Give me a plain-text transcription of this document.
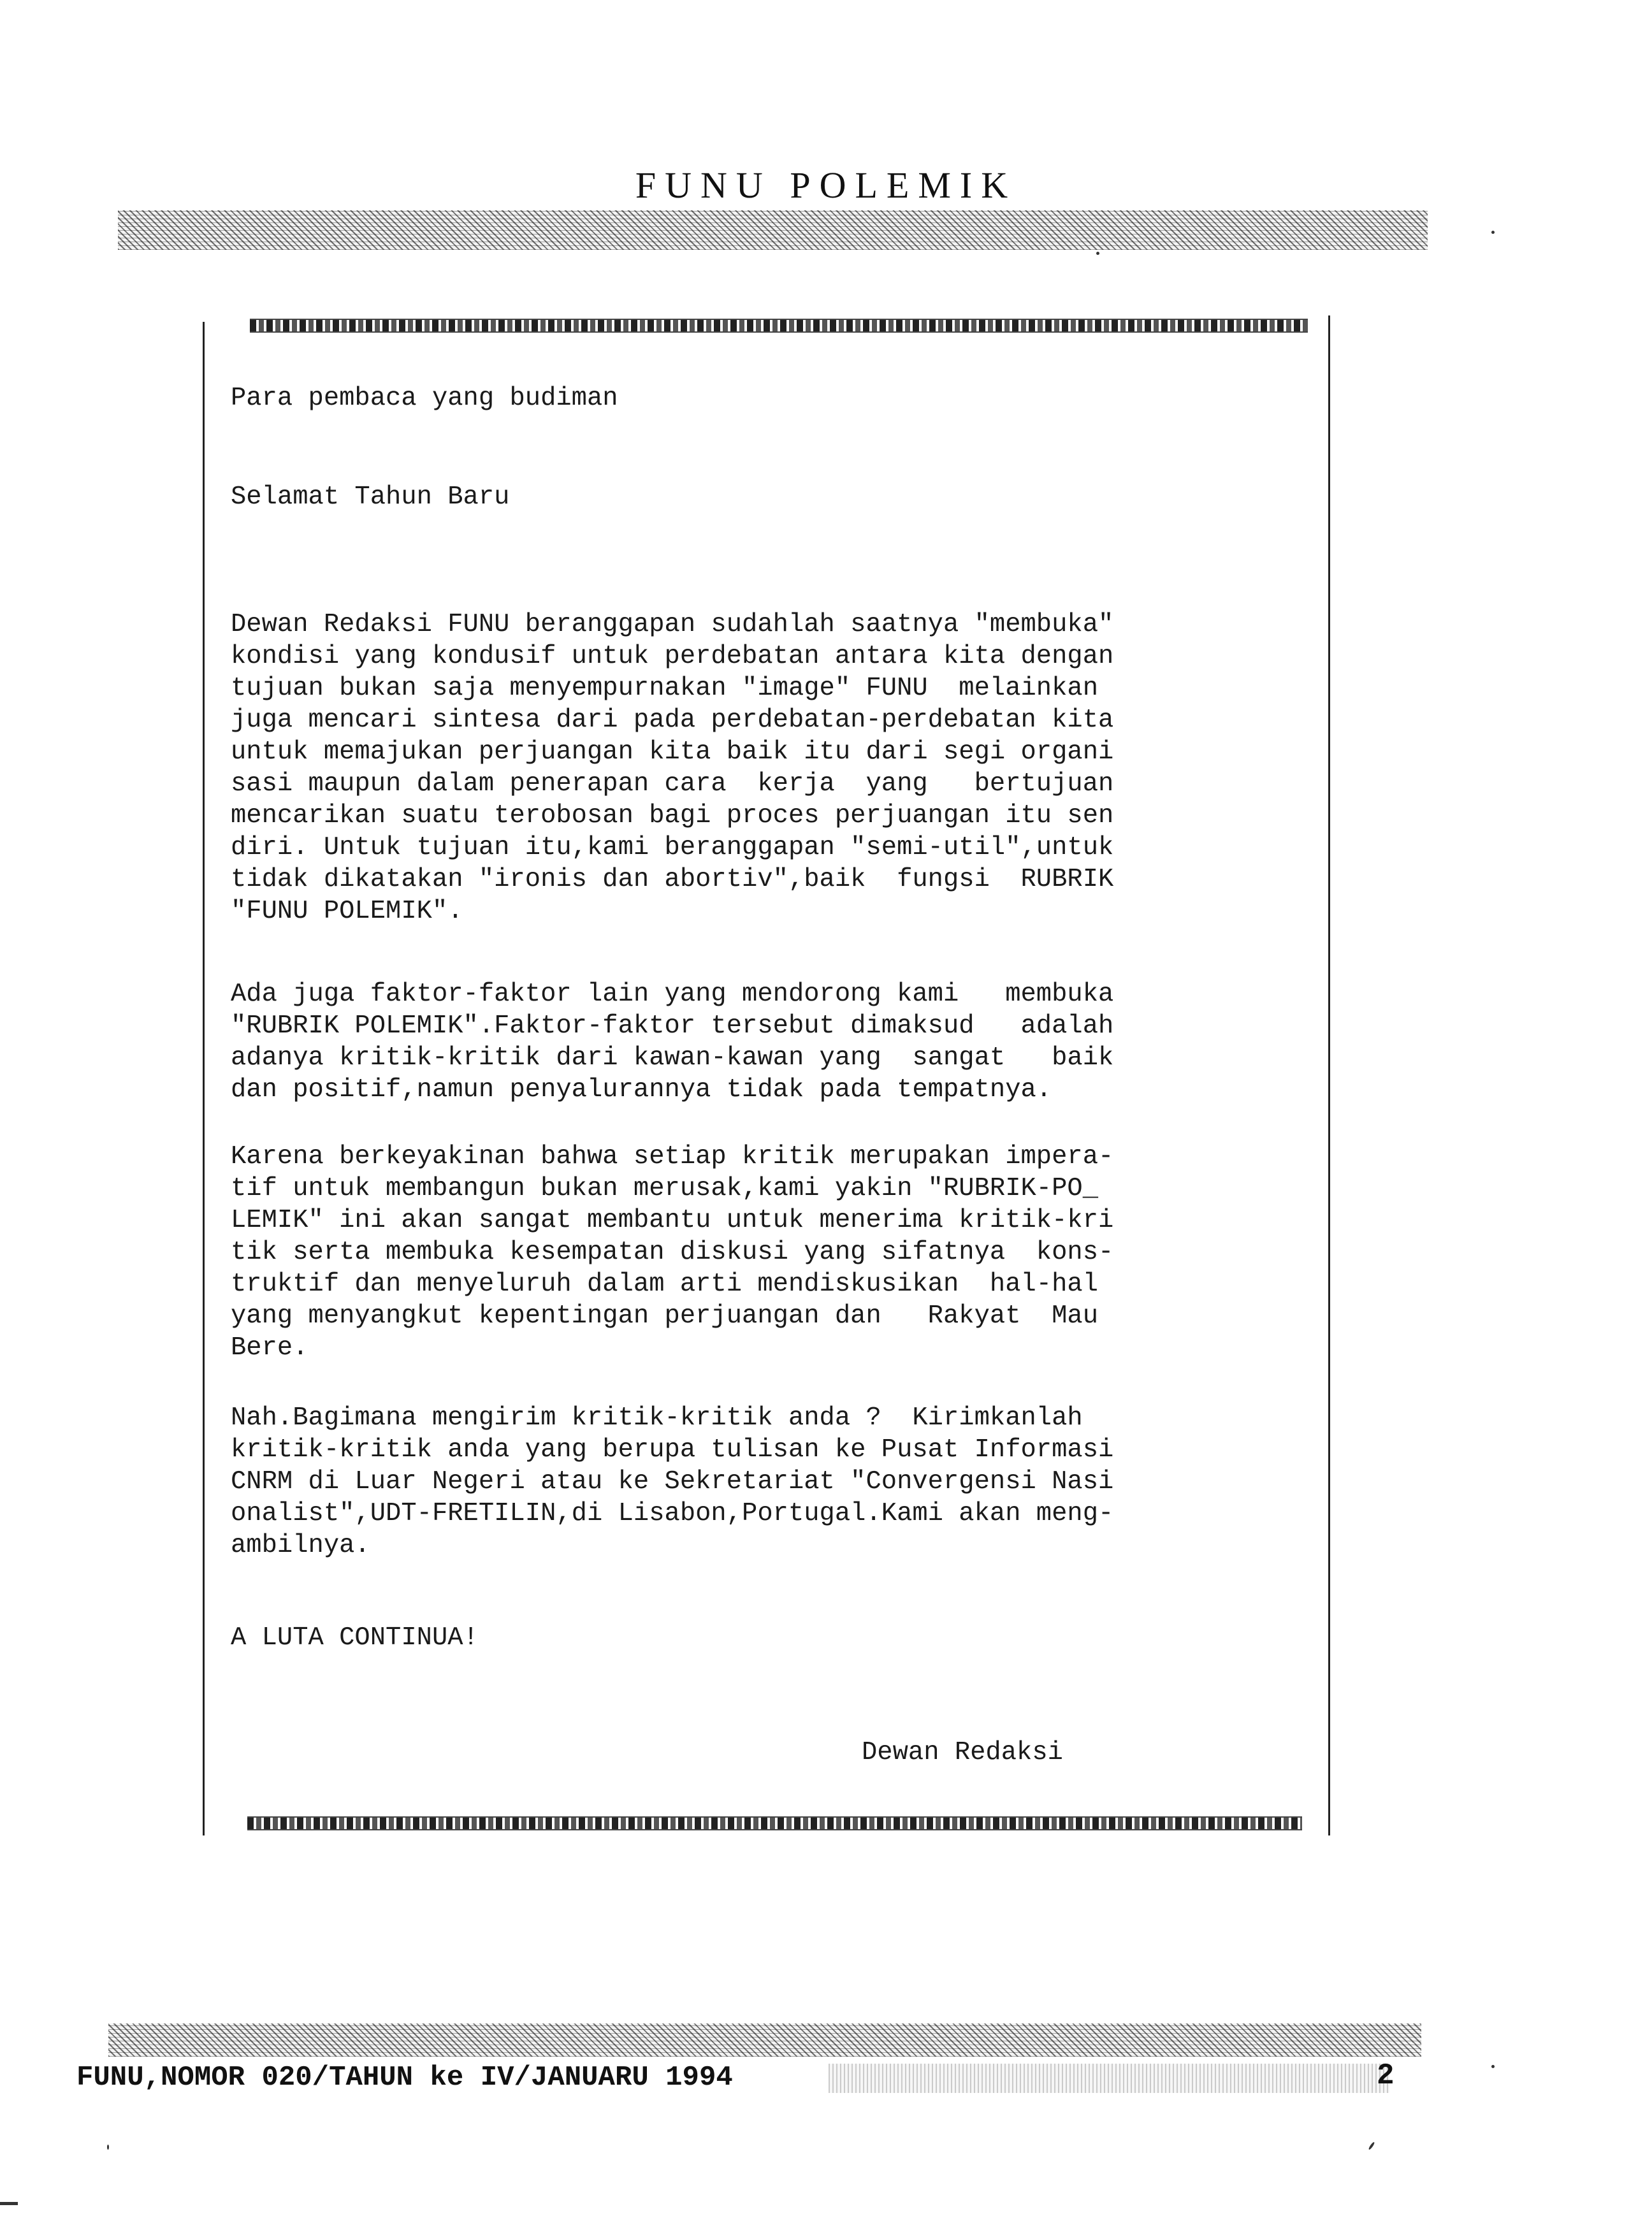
FUNU POLEMIK
Para pembaca yang budiman
Selamat Tahun Baru
Dewan Redaksi FUNU beranggapan sudahlah saatnya "membuka"
kondisi yang kondusif untuk perdebatan antara kita dengan
tujuan bukan saja menyempurnakan "image" FUNU  melainkan
juga mencari sintesa dari pada perdebatan-perdebatan kita
untuk memajukan perjuangan kita baik itu dari segi organi
sasi maupun dalam penerapan cara  kerja  yang   bertujuan
mencarikan suatu terobosan bagi proces perjuangan itu sen
diri. Untuk tujuan itu,kami beranggapan "semi-util",untuk
tidak dikatakan "ironis dan abortiv",baik  fungsi  RUBRIK
"FUNU POLEMIK".
Ada juga faktor-faktor lain yang mendorong kami   membuka
"RUBRIK POLEMIK".Faktor-faktor tersebut dimaksud   adalah
adanya kritik-kritik dari kawan-kawan yang  sangat   baik
dan positif,namun penyalurannya tidak pada tempatnya.
Karena berkeyakinan bahwa setiap kritik merupakan impera-
tif untuk membangun bukan merusak,kami yakin "RUBRIK-PO_
LEMIK" ini akan sangat membantu untuk menerima kritik-kri
tik serta membuka kesempatan diskusi yang sifatnya  kons-
truktif dan menyeluruh dalam arti mendiskusikan  hal-hal
yang menyangkut kepentingan perjuangan dan   Rakyat  Mau
Bere.
Nah.Bagimana mengirim kritik-kritik anda ?  Kirimkanlah
kritik-kritik anda yang berupa tulisan ke Pusat Informasi
CNRM di Luar Negeri atau ke Sekretariat "Convergensi Nasi
onalist",UDT-FRETILIN,di Lisabon,Portugal.Kami akan meng-
ambilnya.
A LUTA CONTINUA!
Dewan Redaksi
FUNU,NOMOR 020/TAHUN ke IV/JANUARU 1994	2
